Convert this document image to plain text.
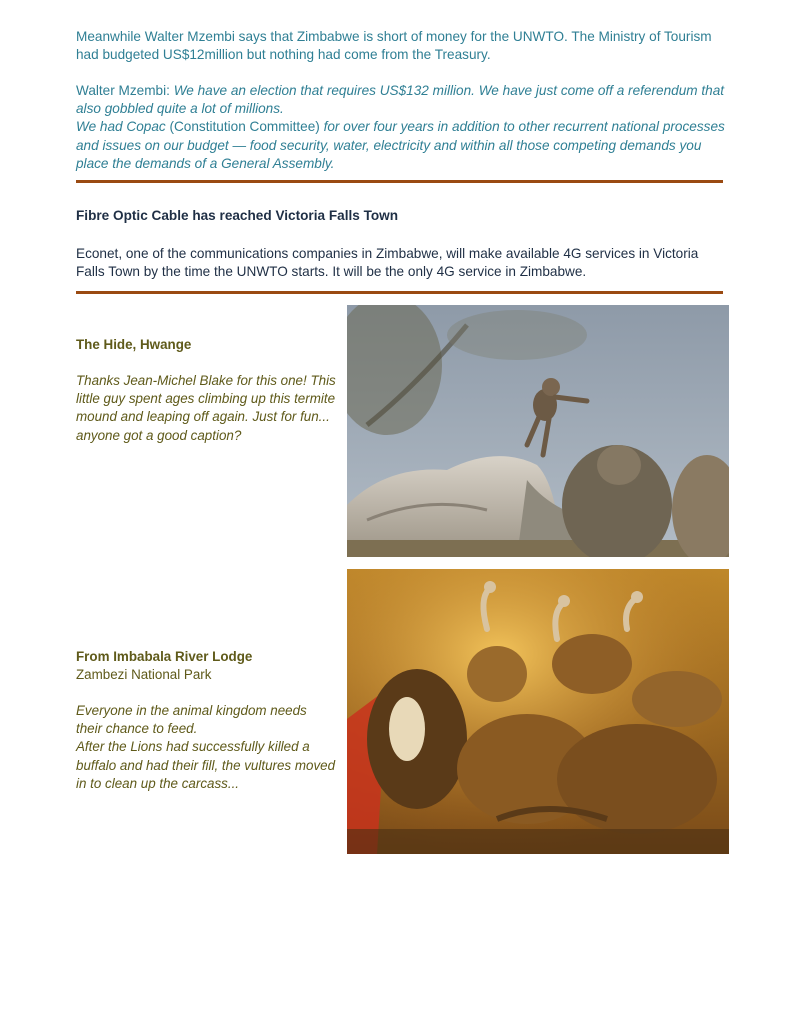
Meanwhile Walter Mzembi says that Zimbabwe is short of money for the UNWTO. The Ministry of Tourism had budgeted US$12million but nothing had come from the Treasury.
Walter Mzembi: We have an election that requires US$132 million. We have just come off a referendum that also gobbled quite a lot of millions.
We had Copac (Constitution Committee) for over four years in addition to other recurrent national processes and issues on our budget — food security, water, electricity and within all those competing demands you place the demands of a General Assembly.
Fibre Optic Cable has reached Victoria Falls Town
Econet, one of the communications companies in Zimbabwe, will make available 4G services in Victoria Falls Town by the time the UNWTO starts. It will be the only 4G service in Zimbabwe.
The Hide, Hwange
Thanks Jean-Michel Blake for this one! This little guy spent ages climbing up this termite mound and leaping off again. Just for fun... anyone got a good caption?
From Imbabala River Lodge
Zambezi National Park
Everyone in the animal kingdom needs their chance to feed.
After the Lions had successfully killed a buffalo and had their fill, the vultures moved in to clean up the carcass...
